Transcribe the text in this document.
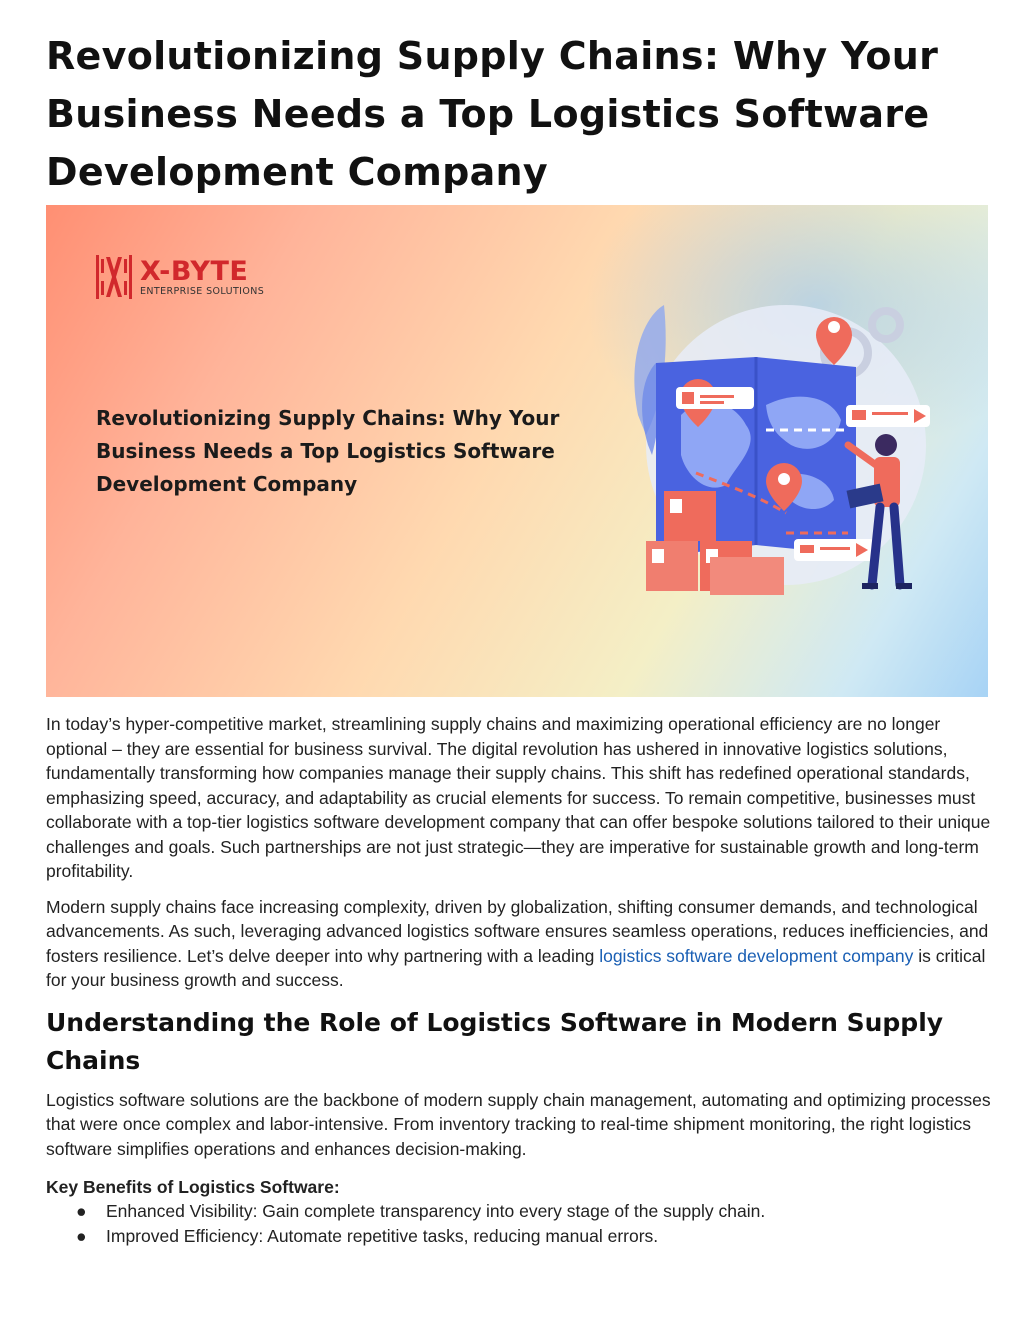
Revolutionizing Supply Chains: Why Your Business Needs a Top Logistics Software Development Company
X-BYTE
ENTERPRISE SOLUTIONS
Revolutionizing Supply Chains: Why Your Business Needs a Top Logistics Software Development Company

In today’s hyper-competitive market, streamlining supply chains and maximizing operational efficiency are no longer optional – they are essential for business survival. The digital revolution has ushered in innovative logistics solutions, fundamentally transforming how companies manage their supply chains. This shift has redefined operational standards, emphasizing speed, accuracy, and adaptability as crucial elements for success. To remain competitive, businesses must collaborate with a top-tier logistics software development company that can offer bespoke solutions tailored to their unique challenges and goals. Such partnerships are not just strategic—they are imperative for sustainable growth and long-term profitability.

Modern supply chains face increasing complexity, driven by globalization, shifting consumer demands, and technological advancements. As such, leveraging advanced logistics software ensures seamless operations, reduces inefficiencies, and fosters resilience. Let’s delve deeper into why partnering with a leading logistics software development company is critical for your business growth and success.

Understanding the Role of Logistics Software in Modern Supply Chains

Logistics software solutions are the backbone of modern supply chain management, automating and optimizing processes that were once complex and labor-intensive. From inventory tracking to real-time shipment monitoring, the right logistics software simplifies operations and enhances decision-making.

Key Benefits of Logistics Software:
● Enhanced Visibility: Gain complete transparency into every stage of the supply chain.
● Improved Efficiency: Automate repetitive tasks, reducing manual errors.
